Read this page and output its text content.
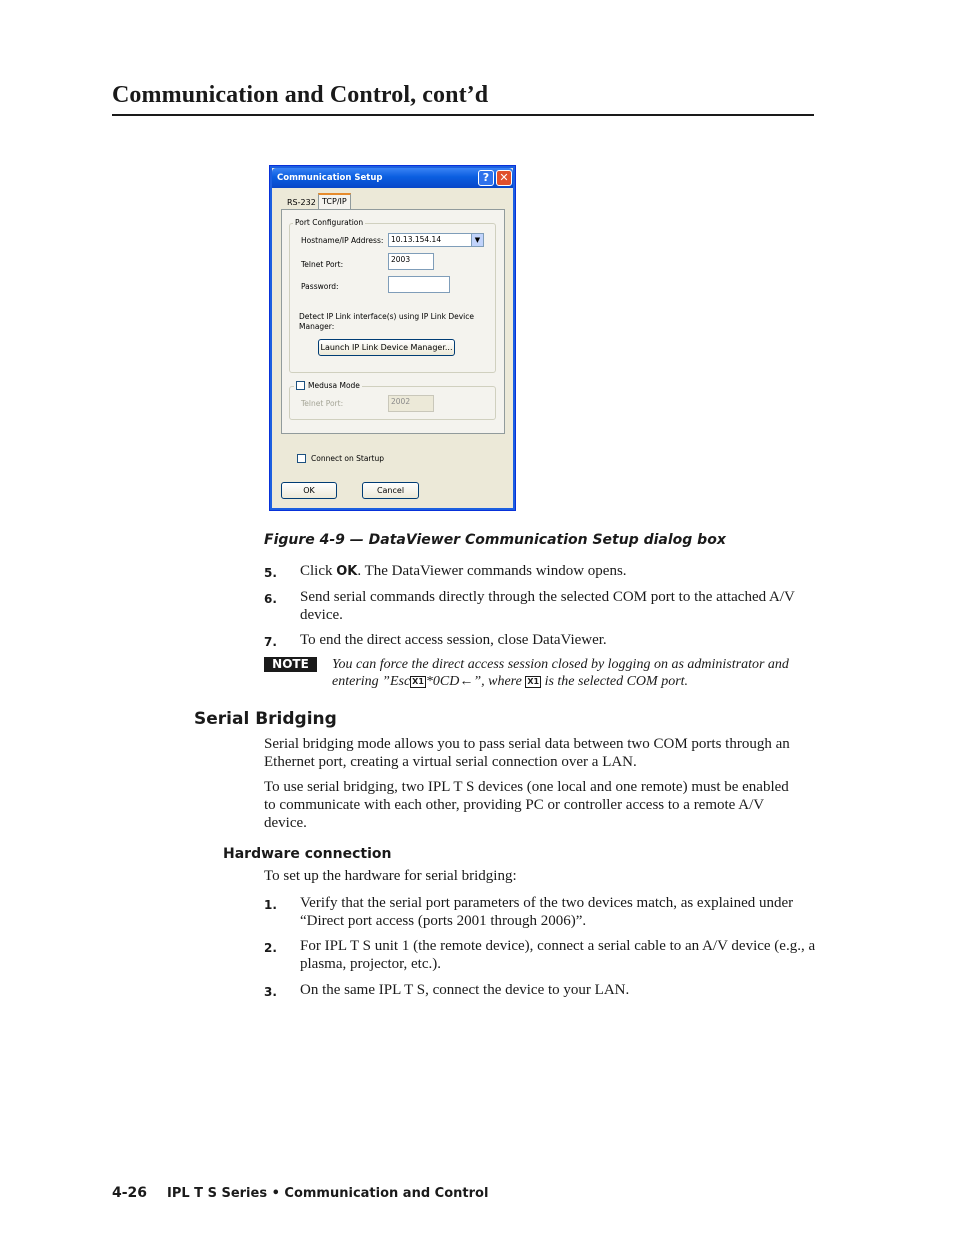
Communication and Control, cont’d
Communication Setup	? ✕
RS-232 TCP/IP
Port Configuration
Hostname/IP Address:	10.13.154.14	▼
Telnet Port:
2003
Password:
Detect IP Link interface(s) using IP Link Device Manager:
Launch IP Link Device Manager...
Medusa Mode
Telnet Port:	2002
Connect on Startup
OK	Cancel
Figure 4-9 — DataViewer Communication Setup dialog box
5. Click OK. The DataViewer commands window opens.
6. Send serial commands directly through the selected COM port to the attached A/V device.
7. To end the direct access session, close DataViewer.
NOTE	You can force the direct access session closed by logging on as administrator and entering ”Esc X1 *0CD←”, where X1 is the selected COM port.
Serial Bridging
Serial bridging mode allows you to pass serial data between two COM ports through an Ethernet port, creating a virtual serial connection over a LAN.
To use serial bridging, two IPL T S devices (one local and one remote) must be enabled to communicate with each other, providing PC or controller access to a remote A/V device.
Hardware connection
To set up the hardware for serial bridging:
1. Verify that the serial port parameters of the two devices match, as explained under “Direct port access (ports 2001 through 2006)”.
2. For IPL T S unit 1 (the remote device), connect a serial cable to an A/V device (e.g., a plasma, projector, etc.).
3. On the same IPL T S, connect the device to your LAN.
4-26 IPL T S Series • Communication and Control
